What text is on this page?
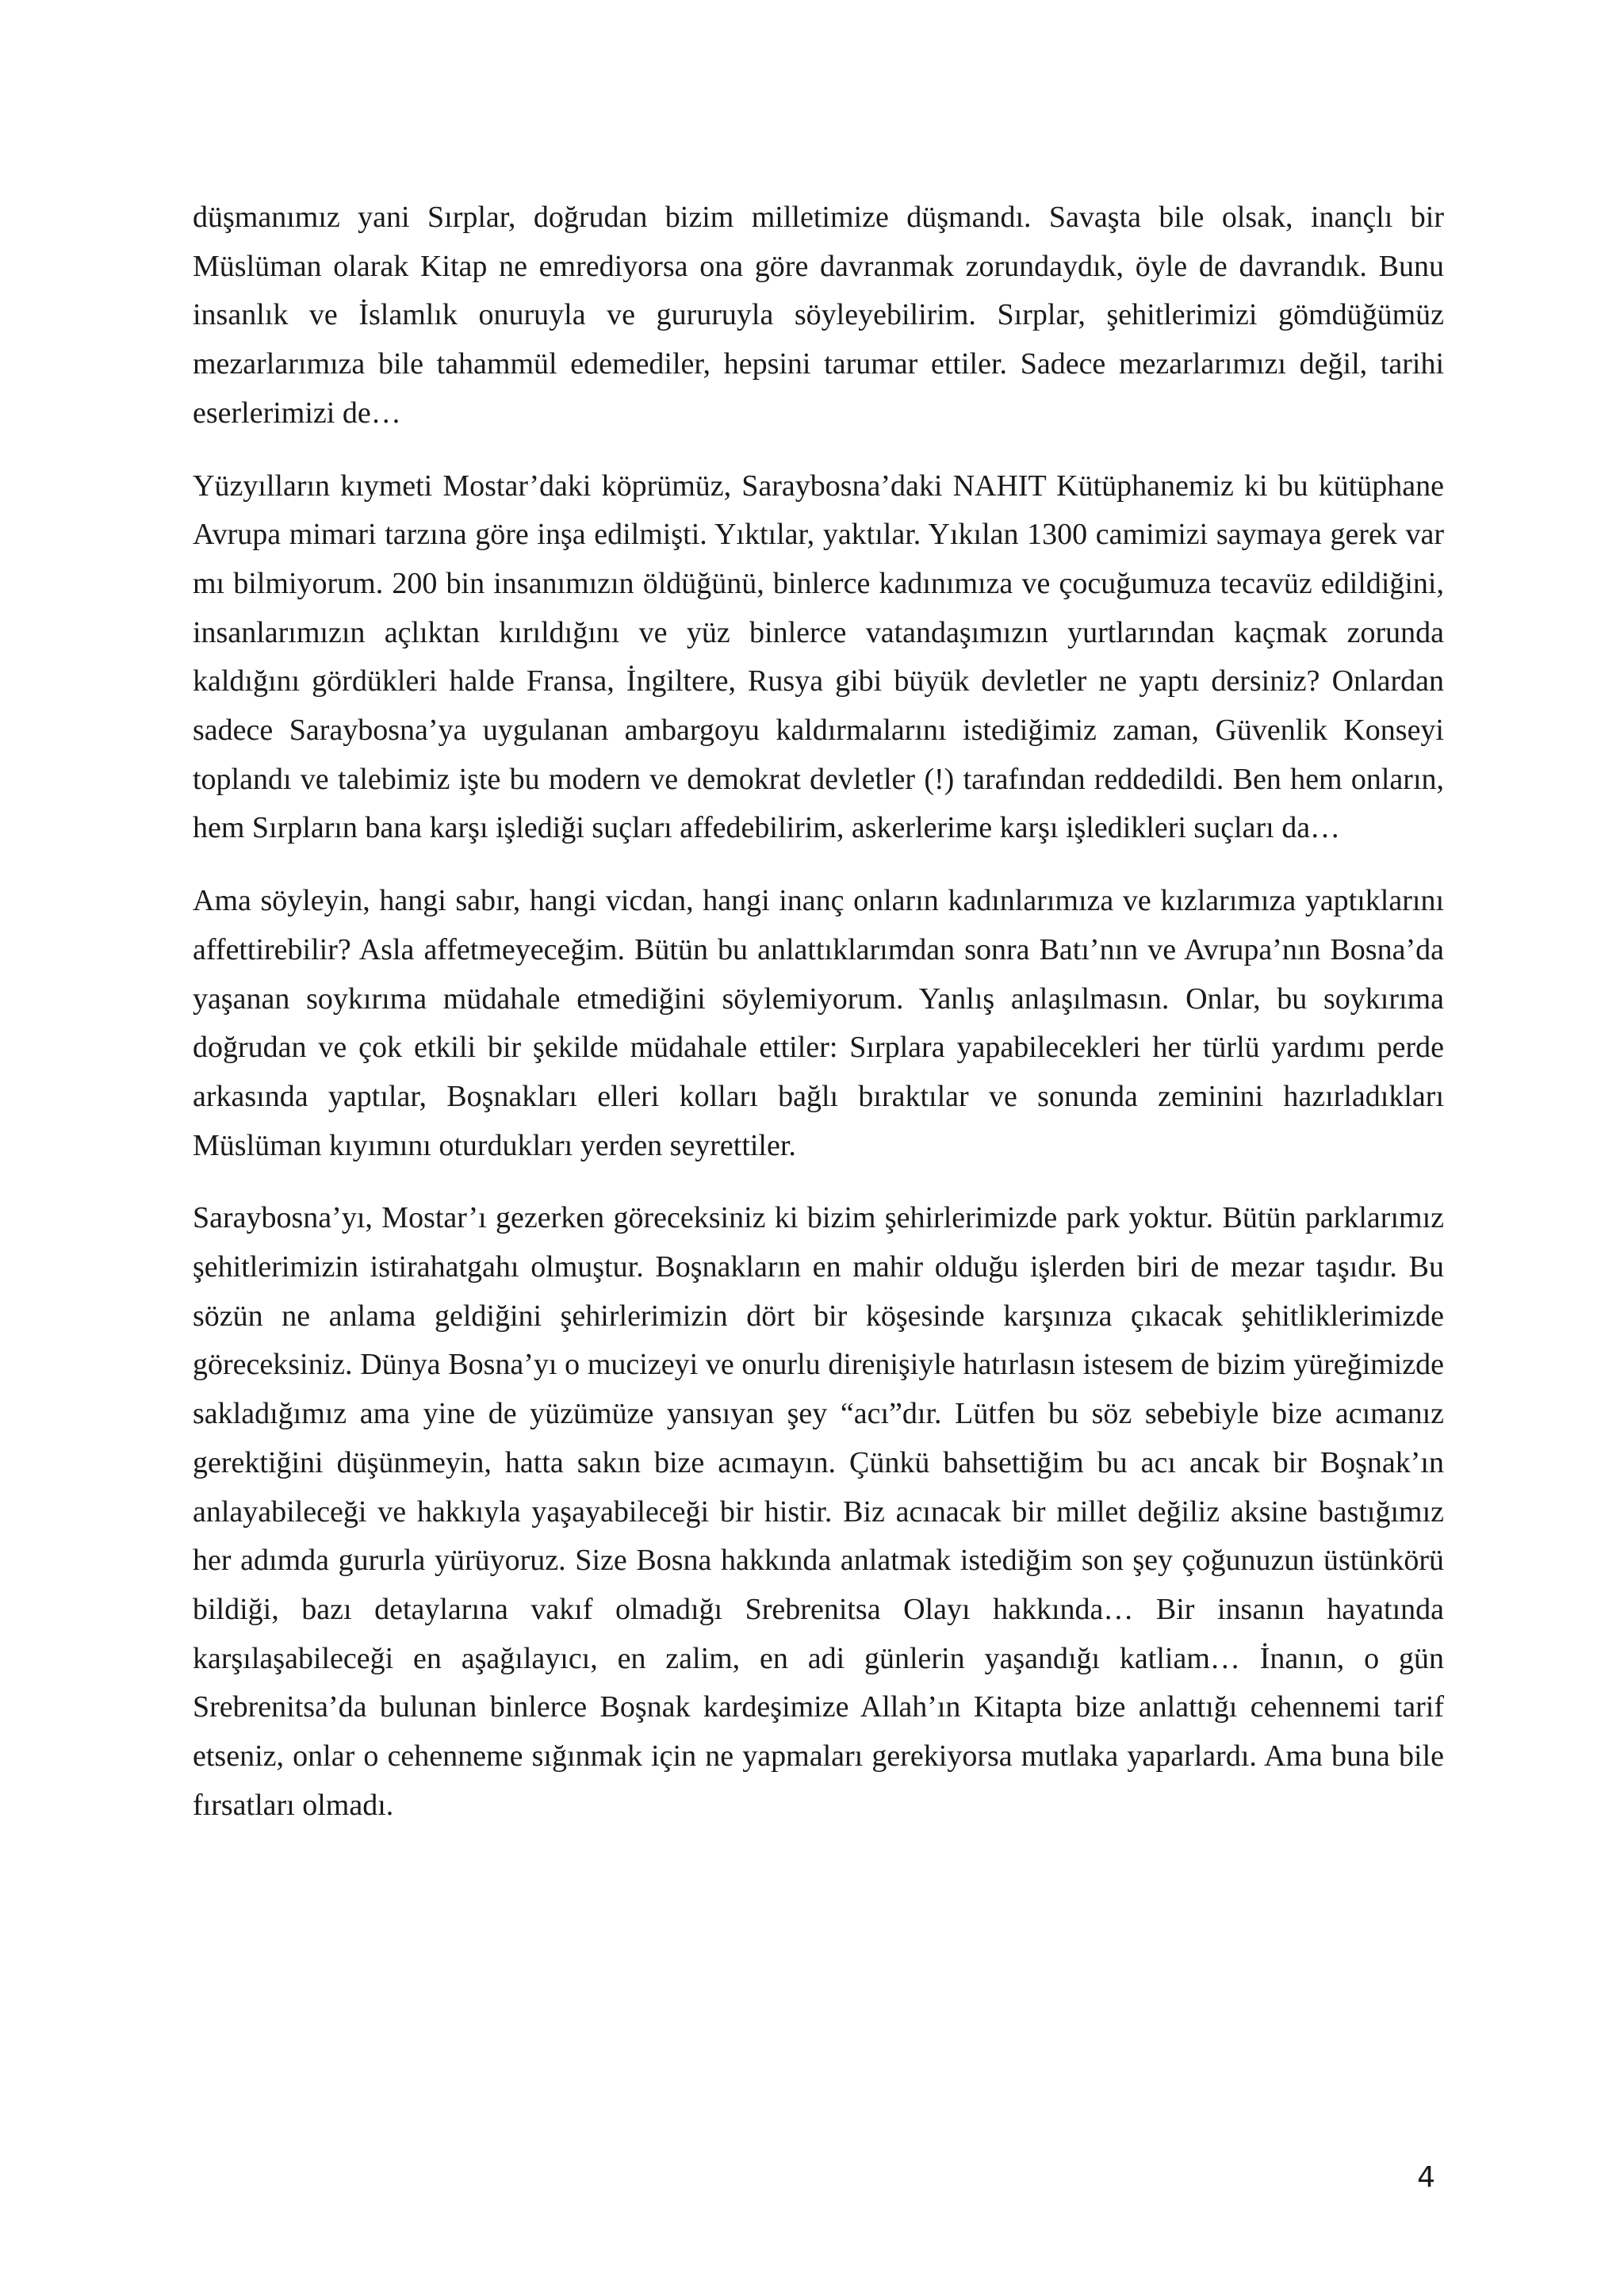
düşmanımız yani Sırplar, doğrudan bizim milletimize düşmandı. Savaşta bile olsak, inançlı bir Müslüman olarak Kitap ne emrediyorsa ona göre davranmak zorundaydık, öyle de davrandık. Bunu insanlık ve İslamlık onuruyla ve gururuyla söyleyebilirim. Sırplar, şehitlerimizi gömdüğümüz mezarlarımıza bile tahammül edemediler, hepsini tarumar ettiler. Sadece mezarlarımızı değil, tarihi eserlerimizi de…

Yüzyılların kıymeti Mostar’daki köprümüz, Saraybosna’daki NAHIT Kütüphanemiz ki bu kütüphane Avrupa mimari tarzına göre inşa edilmişti. Yıktılar, yaktılar. Yıkılan 1300 camimizi saymaya gerek var mı bilmiyorum. 200 bin insanımızın öldüğünü, binlerce kadınımıza ve çocuğumuza tecavüz edildiğini, insanlarımızın açlıktan kırıldığını ve yüz binlerce vatandaşımızın yurtlarından kaçmak zorunda kaldığını gördükleri halde Fransa, İngiltere, Rusya gibi büyük devletler ne yaptı dersiniz? Onlardan sadece Saraybosna’ya uygulanan ambargoyu kaldırmalarını istediğimiz zaman, Güvenlik Konseyi toplandı ve talebimiz işte bu modern ve demokrat devletler (!) tarafından reddedildi. Ben hem onların, hem Sırpların bana karşı işlediği suçları affedebilirim, askerlerime karşı işledikleri suçları da…

Ama söyleyin, hangi sabır, hangi vicdan, hangi inanç onların kadınlarımıza ve kızlarımıza yaptıklarını affettirebilir? Asla affetmeyeceğim. Bütün bu anlattıklarımdan sonra Batı’nın ve Avrupa’nın Bosna’da yaşanan soykırıma müdahale etmediğini söylemiyorum. Yanlış anlaşılmasın. Onlar, bu soykırıma doğrudan ve çok etkili bir şekilde müdahale ettiler: Sırplara yapabilecekleri her türlü yardımı perde arkasında yaptılar, Boşnakları elleri kolları bağlı bıraktılar ve sonunda zeminini hazırladıkları Müslüman kıyımını oturdukları yerden seyrettiler.

Saraybosna’yı, Mostar’ı gezerken göreceksiniz ki bizim şehirlerimizde park yoktur. Bütün parklarımız şehitlerimizin istirahatgahı olmuştur. Boşnakların en mahir olduğu işlerden biri de mezar taşıdır. Bu sözün ne anlama geldiğini şehirlerimizin dört bir köşesinde karşınıza çıkacak şehitliklerimizde göreceksiniz. Dünya Bosna’yı o mucizeyi ve onurlu direnişiyle hatırlasın istesem de bizim yüreğimizde sakladığımız ama yine de yüzümüze yansıyan şey “acı”dır. Lütfen bu söz sebebiyle bize acımanız gerektiğini düşünmeyin, hatta sakın bize acımayın. Çünkü bahsettiğim bu acı ancak bir Boşnak’ın anlayabileceği ve hakkıyla yaşayabileceği bir histir. Biz acınacak bir millet değiliz aksine bastığımız her adımda gururla yürüyoruz. Size Bosna hakkında anlatmak istediğim son şey çoğunuzun üstünkörü bildiği, bazı detaylarına vakıf olmadığı Srebrenitsa Olayı hakkında… Bir insanın hayatında karşılaşabileceği en aşağılayıcı, en zalim, en adi günlerin yaşandığı katliam… İnanın, o gün Srebrenitsa’da bulunan binlerce Boşnak kardeşimize Allah’ın Kitapta bize anlattığı cehennemi tarif etseniz, onlar o cehenneme sığınmak için ne yapmaları gerekiyorsa mutlaka yaparlardı. Ama buna bile fırsatları olmadı.

4
